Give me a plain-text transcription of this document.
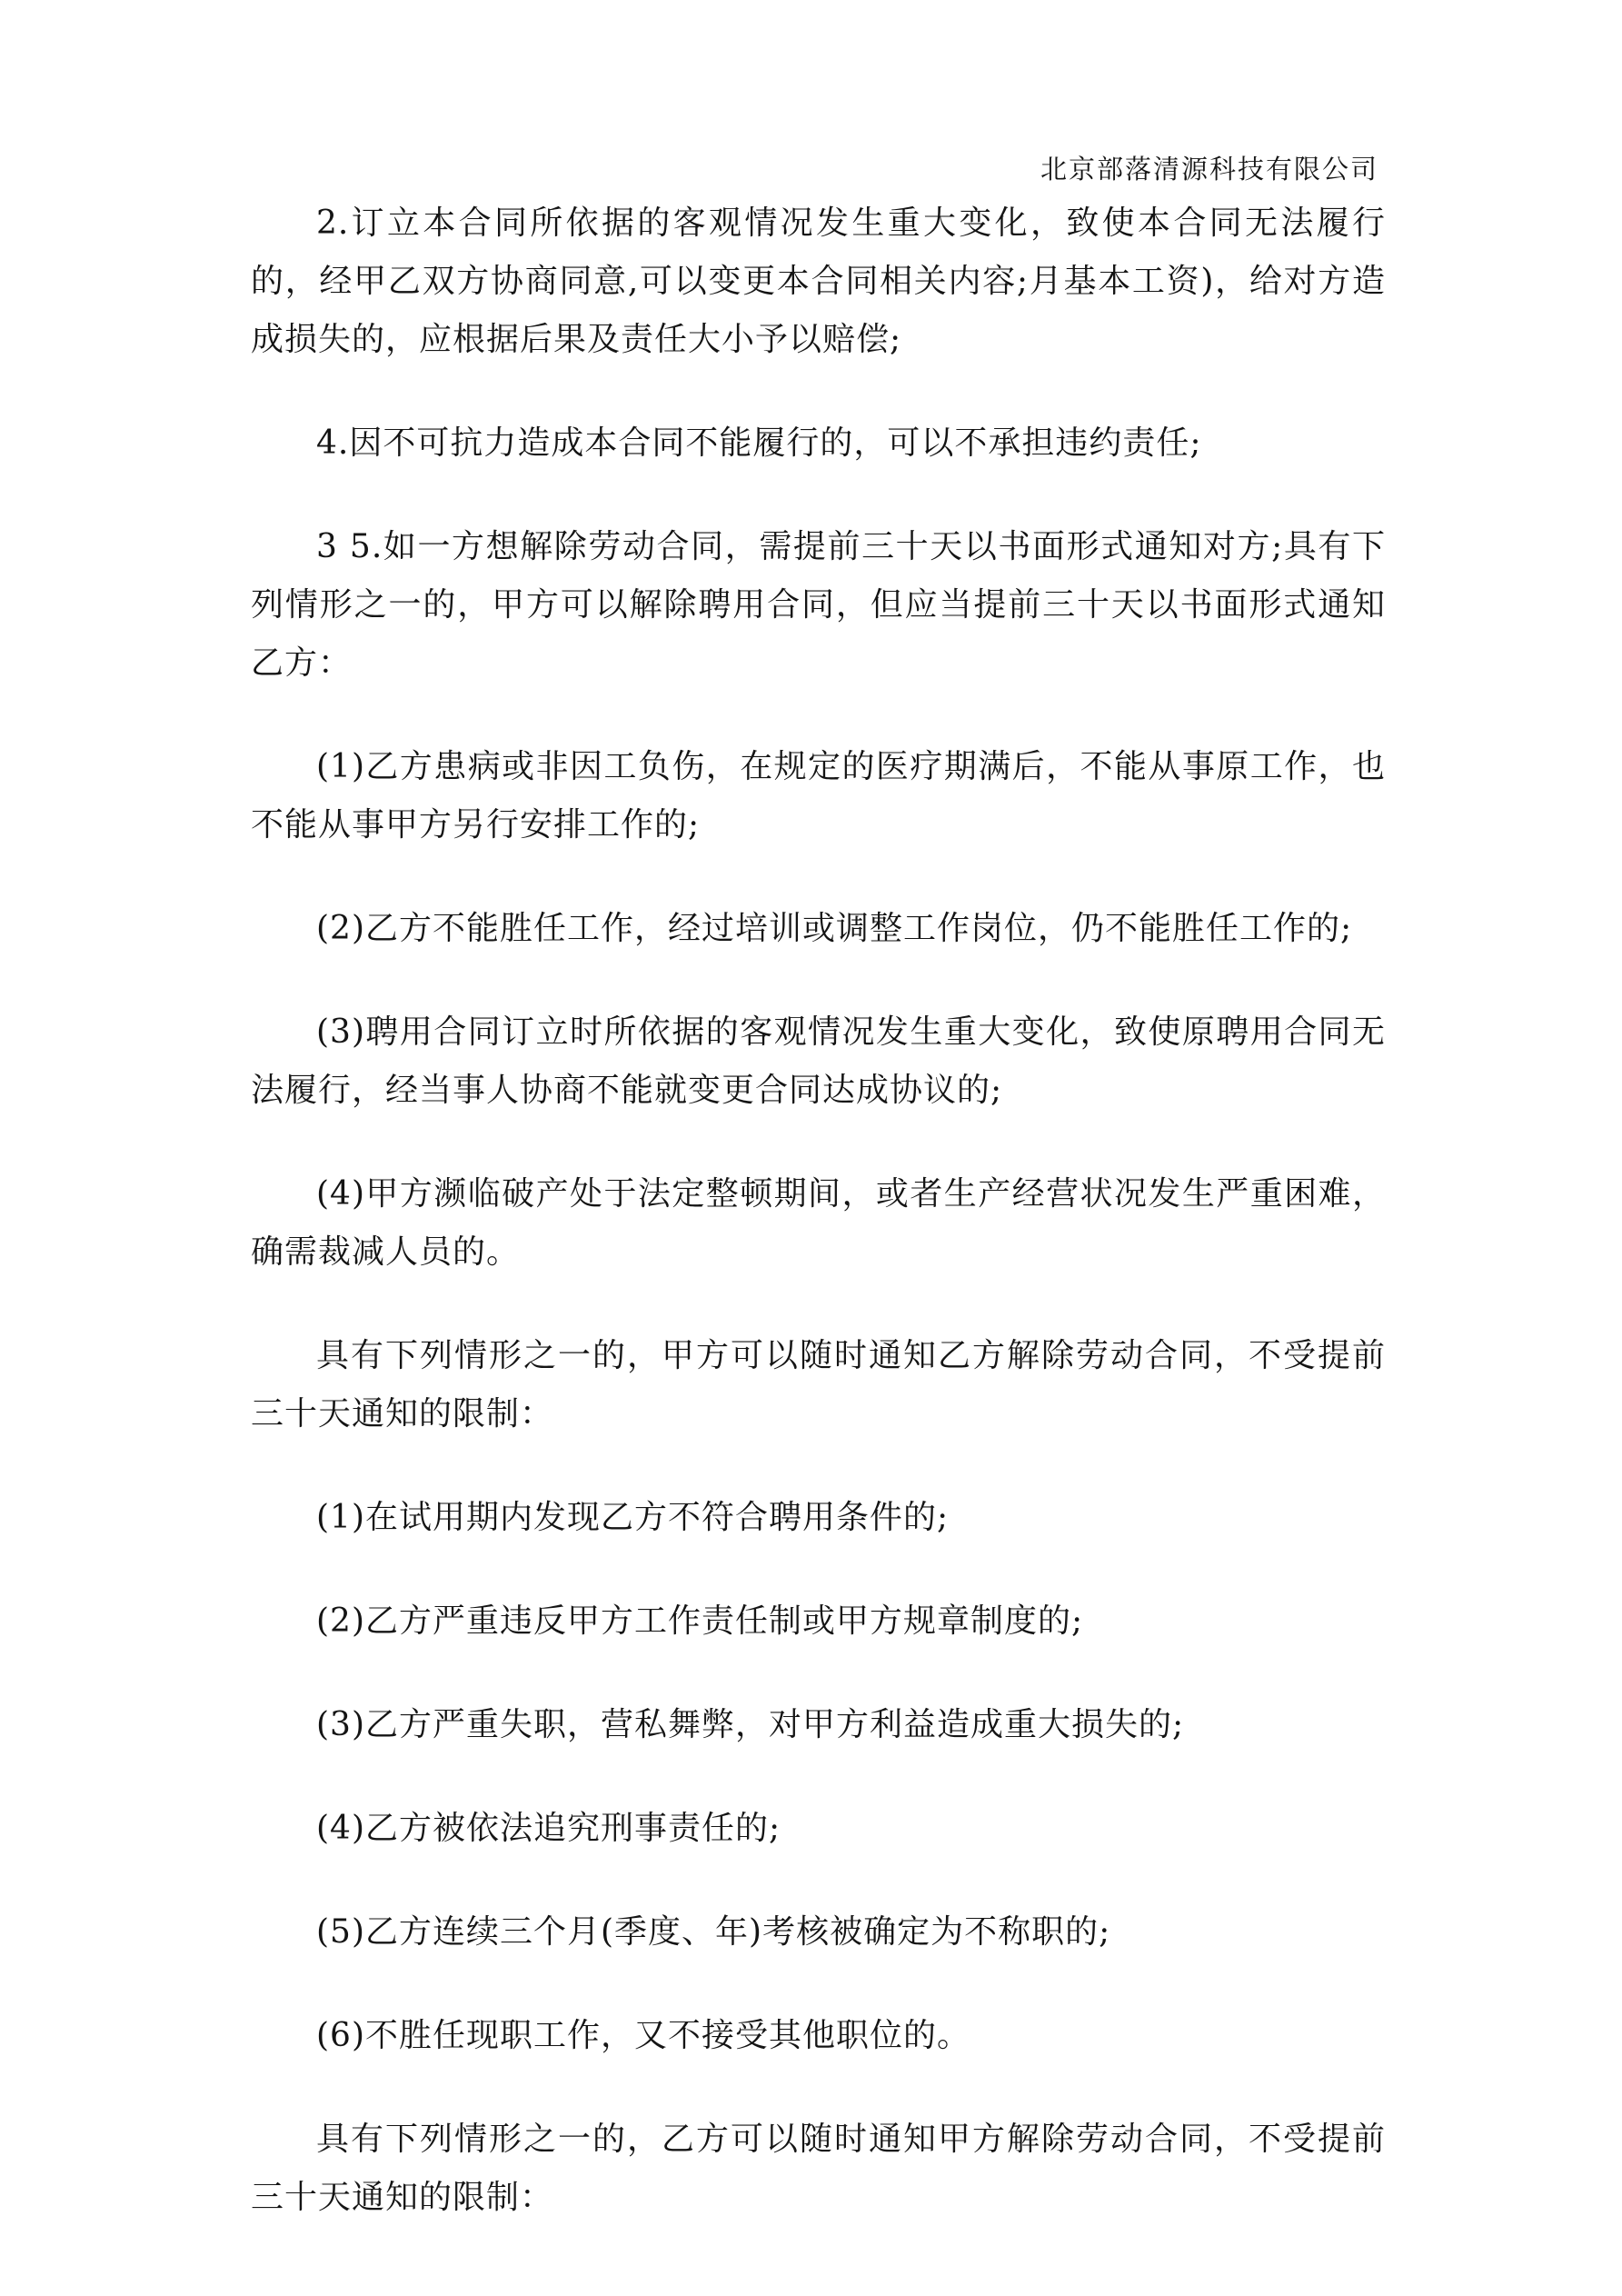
北京部落清源科技有限公司

2.订立本合同所依据的客观情况发生重大变化，致使本合同无法履行的，经甲乙双方协商同意,可以变更本合同相关内容;月基本工资)，给对方造成损失的，应根据后果及责任大小予以赔偿;

4.因不可抗力造成本合同不能履行的，可以不承担违约责任;

3 5.如一方想解除劳动合同，需提前三十天以书面形式通知对方;具有下列情形之一的，甲方可以解除聘用合同，但应当提前三十天以书面形式通知乙方：

(1)乙方患病或非因工负伤，在规定的医疗期满后，不能从事原工作，也不能从事甲方另行安排工作的;

(2)乙方不能胜任工作，经过培训或调整工作岗位，仍不能胜任工作的;

(3)聘用合同订立时所依据的客观情况发生重大变化，致使原聘用合同无法履行，经当事人协商不能就变更合同达成协议的;

(4)甲方濒临破产处于法定整顿期间，或者生产经营状况发生严重困难，确需裁减人员的。

具有下列情形之一的，甲方可以随时通知乙方解除劳动合同，不受提前三十天通知的限制：

(1)在试用期内发现乙方不符合聘用条件的;

(2)乙方严重违反甲方工作责任制或甲方规章制度的;

(3)乙方严重失职，营私舞弊，对甲方利益造成重大损失的;

(4)乙方被依法追究刑事责任的;

(5)乙方连续三个月(季度、年)考核被确定为不称职的;

(6)不胜任现职工作，又不接受其他职位的。

具有下列情形之一的，乙方可以随时通知甲方解除劳动合同，不受提前三十天通知的限制：
